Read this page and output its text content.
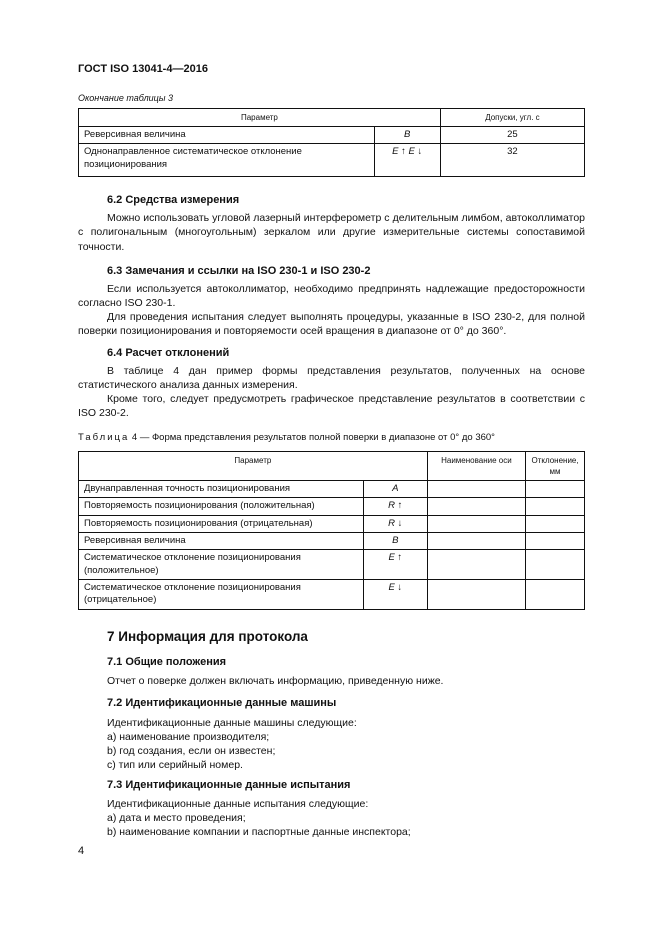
ГОСТ ISO 13041-4—2016
Окончание таблицы 3
Параметр		Допуски, угл. с
Реверсивная величина	B	25
Однонаправленное систематическое отклонение позиционирования	E ↑ E ↓	32
6.2 Средства измерения
Можно использовать угловой лазерный интерферометр с делительным лимбом, автоколлиматор с полигональным (многоугольным) зеркалом или другие измерительные системы сопоставимой точности.
6.3 Замечания и ссылки на ISO 230-1 и ISO 230-2
Если используется автоколлиматор, необходимо предпринять надлежащие предосторожности согласно ISO 230-1.
Для проведения испытания следует выполнять процедуры, указанные в ISO 230-2, для полной поверки позиционирования и повторяемости осей вращения в диапазоне от 0° до 360°.
6.4 Расчет отклонений
В таблице 4 дан пример формы представления результатов, полученных на основе статистического анализа данных измерения.
Кроме того, следует предусмотреть графическое представление результатов в соответствии с ISO 230-2.
Таблица 4 — Форма представления результатов полной поверки в диапазоне от 0° до 360°
Параметр		Наименование оси	Отклонение, мм
Двунаправленная точность позиционирования	A		
Повторяемость позиционирования (положительная)	R ↑		
Повторяемость позиционирования (отрицательная)	R ↓		
Реверсивная величина	B		
Систематическое отклонение позиционирования (положительное)	E ↑		
Систематическое отклонение позиционирования (отрицательное)	E ↓		
7 Информация для протокола
7.1 Общие положения
Отчет о поверке должен включать информацию, приведенную ниже.
7.2 Идентификационные данные машины
Идентификационные данные машины следующие:
a) наименование производителя;
b) год создания, если он известен;
c) тип или серийный номер.
7.3 Идентификационные данные испытания
Идентификационные данные испытания следующие:
a) дата и место проведения;
b) наименование компании и паспортные данные инспектора;
4
